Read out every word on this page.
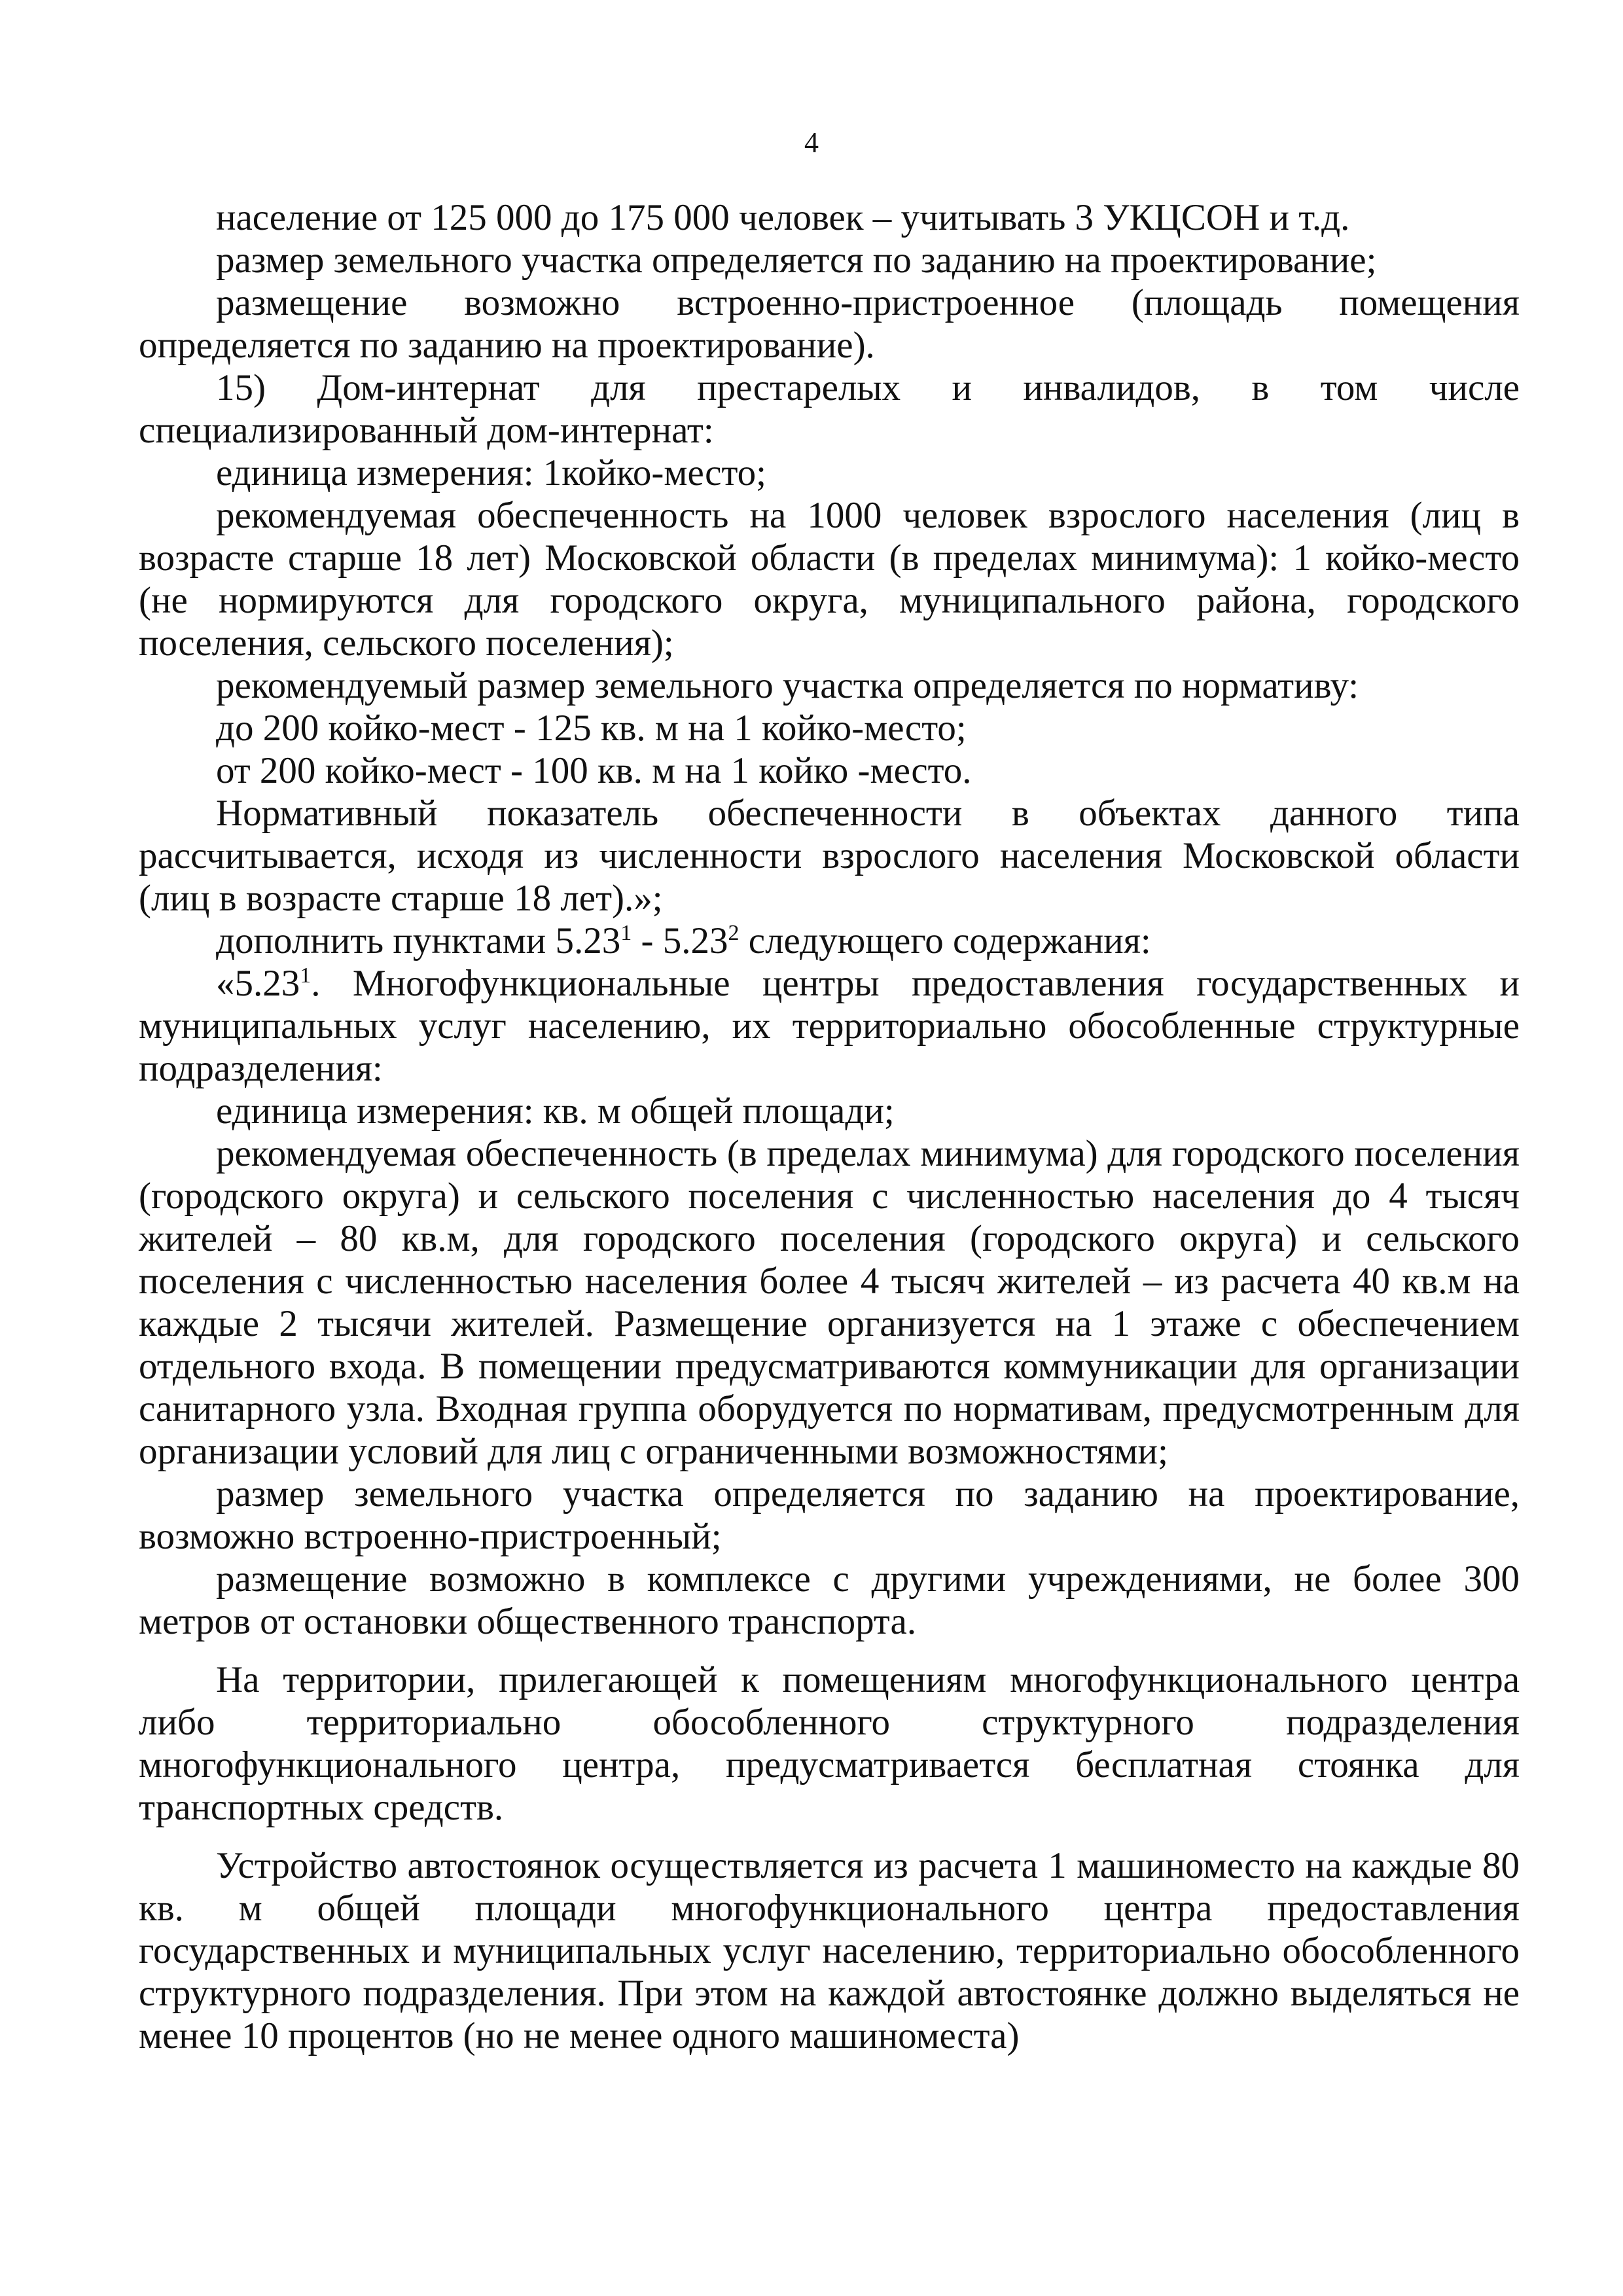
4

население от 125 000 до 175 000 человек – учитывать 3 УКЦСОН и т.д.

размер земельного участка определяется по заданию на проектирование;

размещение возможно встроенно-пристроенное (площадь помещения определяется по заданию на проектирование).

15) Дом-интернат для престарелых и инвалидов, в том числе специализированный дом-интернат:

единица измерения: 1койко-место;

рекомендуемая обеспеченность на 1000 человек взрослого населения (лиц в возрасте старше 18 лет) Московской области (в пределах минимума): 1 койко-место (не нормируются для городского округа, муниципального района, городского поселения, сельского поселения);

рекомендуемый размер земельного участка определяется по нормативу:

до 200 койко-мест - 125 кв. м на 1 койко-место;

от 200 койко-мест - 100 кв. м на 1 койко -место.

Нормативный показатель обеспеченности в объектах данного типа рассчитывается, исходя из численности взрослого населения Московской области (лиц в возрасте старше 18 лет).»;

дополнить пунктами 5.23$^1$ - 5.23$^2$ следующего содержания:

«5.23$^1$. Многофункциональные центры предоставления государственных и муниципальных услуг населению, их территориально обособленные структурные подразделения:

единица измерения: кв. м общей площади;

рекомендуемая обеспеченность (в пределах минимума) для городского поселения (городского округа) и сельского поселения с численностью населения до 4 тысяч жителей – 80 кв.м, для городского поселения (городского округа) и сельского поселения с численностью населения более 4 тысяч жителей – из расчета 40 кв.м на каждые 2 тысячи жителей. Размещение организуется на 1 этаже с обеспечением отдельного входа. В помещении предусматриваются коммуникации для организации санитарного узла. Входная группа оборудуется по нормативам, предусмотренным для организации условий для лиц с ограниченными возможностями;

размер земельного участка определяется по заданию на проектирование, возможно встроенно-пристроенный;

размещение возможно в комплексе с другими учреждениями, не более 300 метров от остановки общественного транспорта.

На территории, прилегающей к помещениям многофункционального центра либо территориально обособленного структурного подразделения многофункционального центра, предусматривается бесплатная стоянка для транспортных средств.

Устройство автостоянок осуществляется из расчета 1 машиноместо на каждые 80 кв. м общей площади многофункционального центра предоставления государственных и муниципальных услуг населению, территориально обособленного структурного подразделения. При этом на каждой автостоянке должно выделяться не менее 10 процентов (но не менее одного машиноместа)
